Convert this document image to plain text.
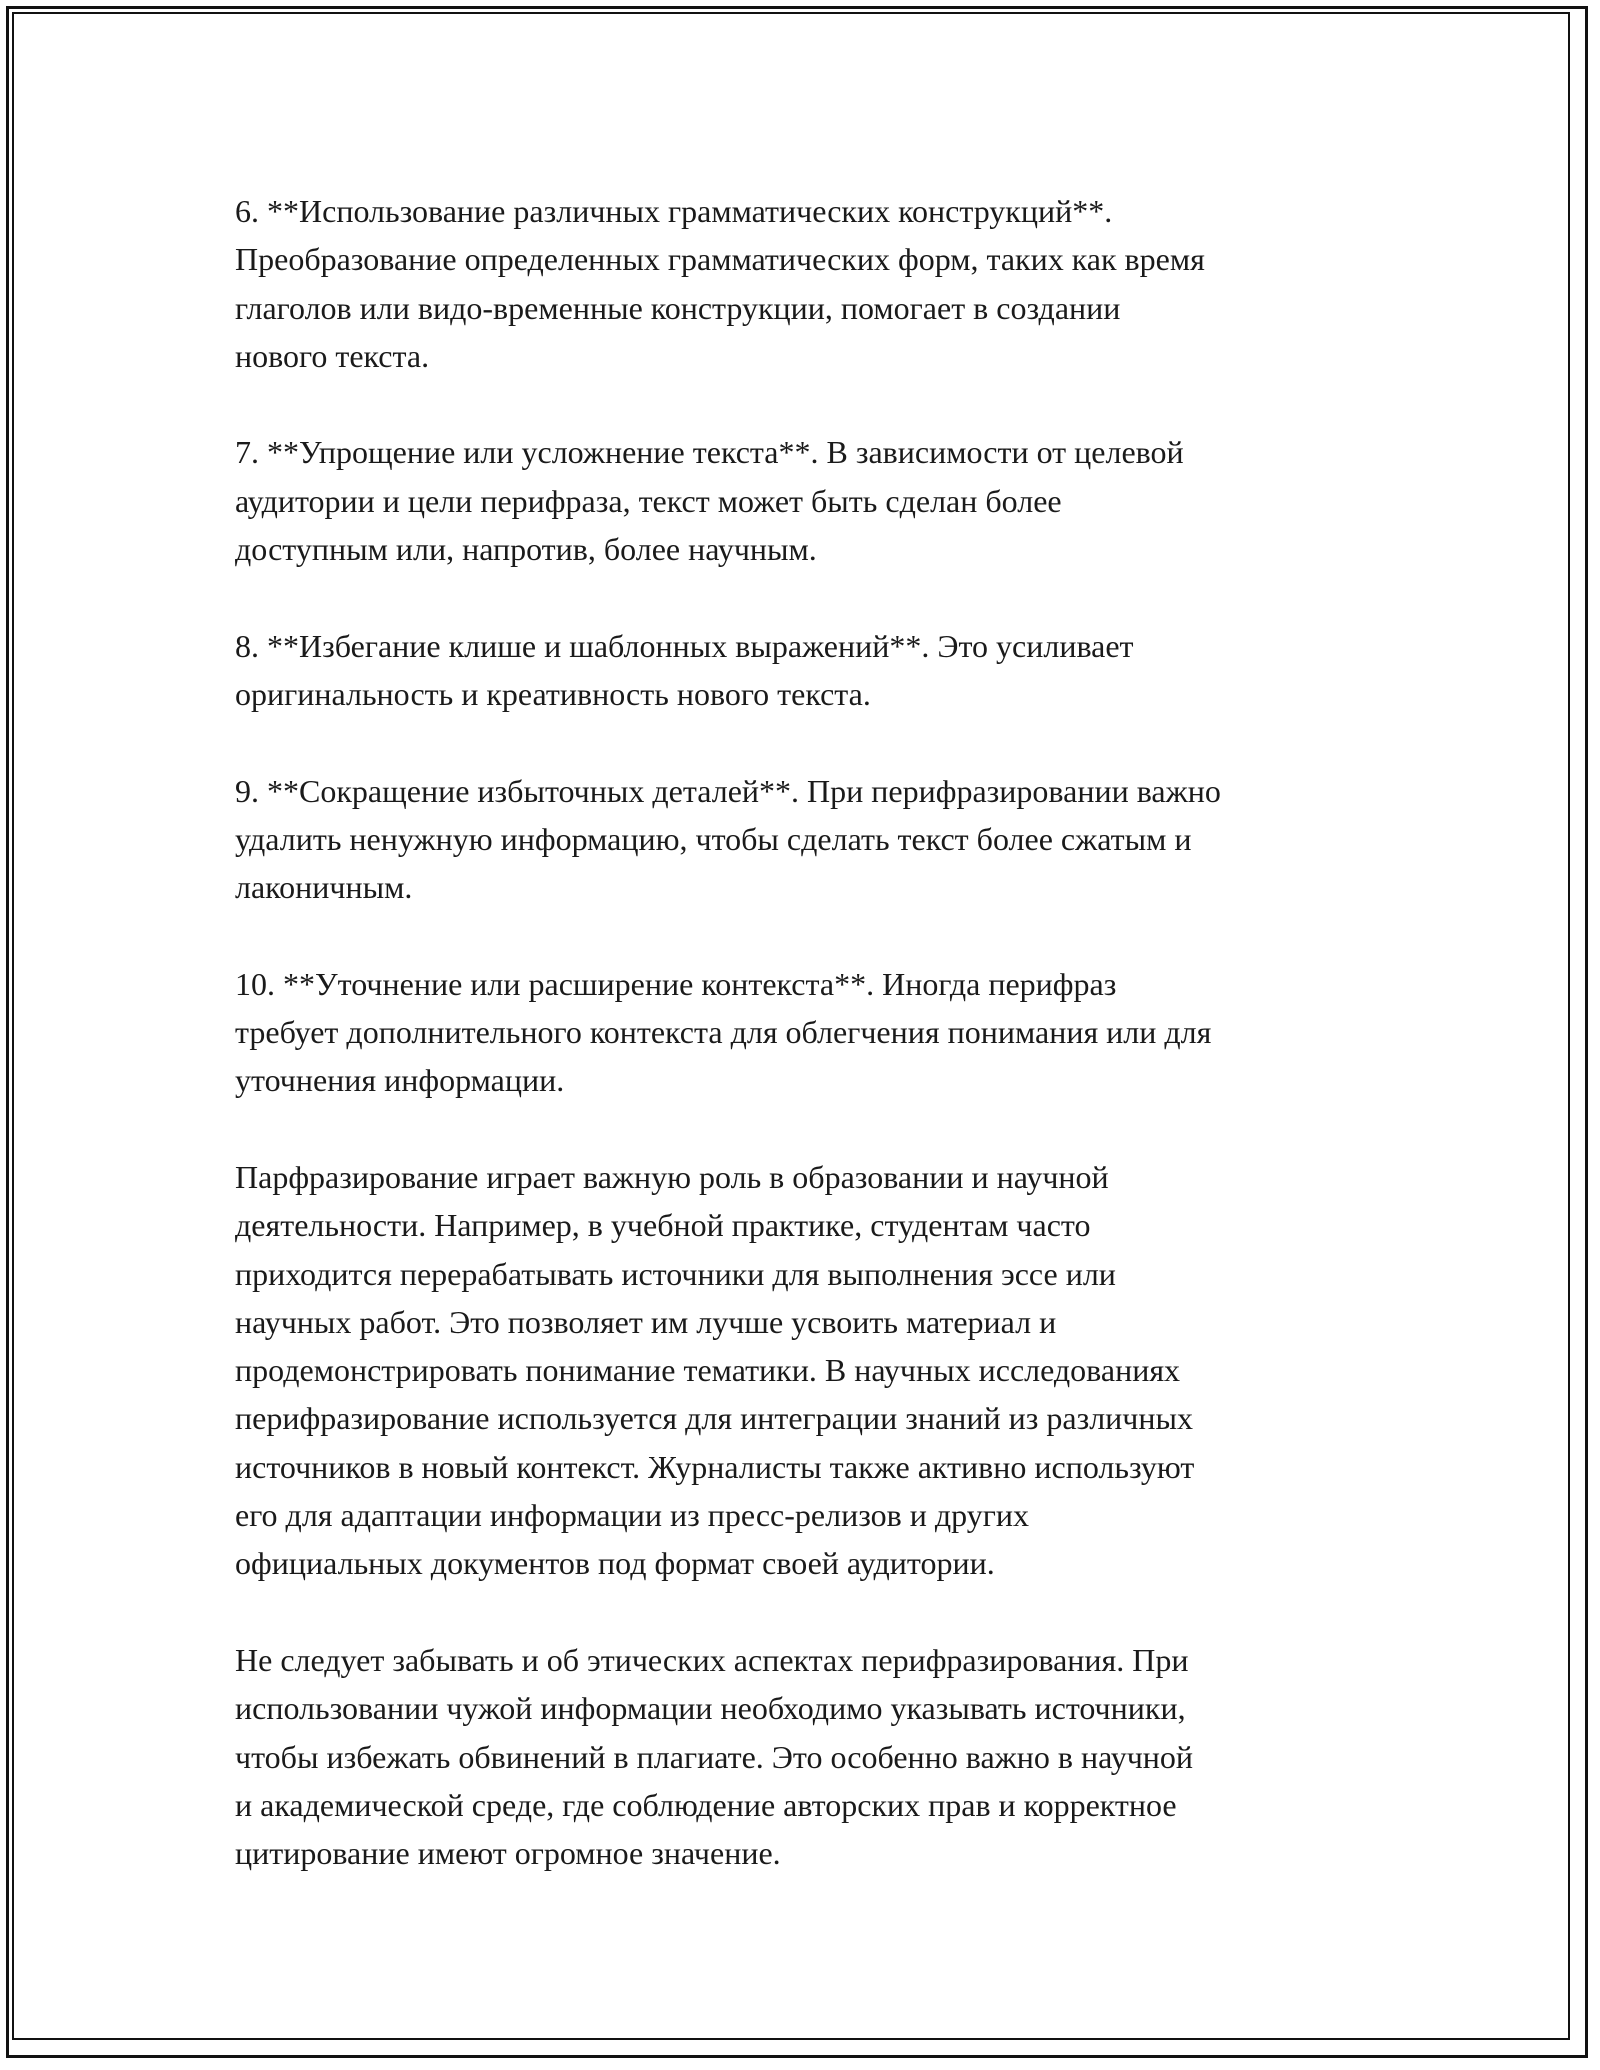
6. **Использование различных грамматических конструкций**.
Преобразование определенных грамматических форм, таких как время
глаголов или видо-временные конструкции, помогает в создании
нового текста.
7. **Упрощение или усложнение текста**. В зависимости от целевой
аудитории и цели перифраза, текст может быть сделан более
доступным или, напротив, более научным.
8. **Избегание клише и шаблонных выражений**. Это усиливает
оригинальность и креативность нового текста.
9. **Сокращение избыточных деталей**. При перифразировании важно
удалить ненужную информацию, чтобы сделать текст более сжатым и
лаконичным.
10. **Уточнение или расширение контекста**. Иногда перифраз
требует дополнительного контекста для облегчения понимания или для
уточнения информации.
Парфразирование играет важную роль в образовании и научной
деятельности. Например, в учебной практике, студентам часто
приходится перерабатывать источники для выполнения эссе или
научных работ. Это позволяет им лучше усвоить материал и
продемонстрировать понимание тематики. В научных исследованиях
перифразирование используется для интеграции знаний из различных
источников в новый контекст. Журналисты также активно используют
его для адаптации информации из пресс-релизов и других
официальных документов под формат своей аудитории.
Не следует забывать и об этических аспектах перифразирования. При
использовании чужой информации необходимо указывать источники,
чтобы избежать обвинений в плагиате. Это особенно важно в научной
и академической среде, где соблюдение авторских прав и корректное
цитирование имеют огромное значение.
